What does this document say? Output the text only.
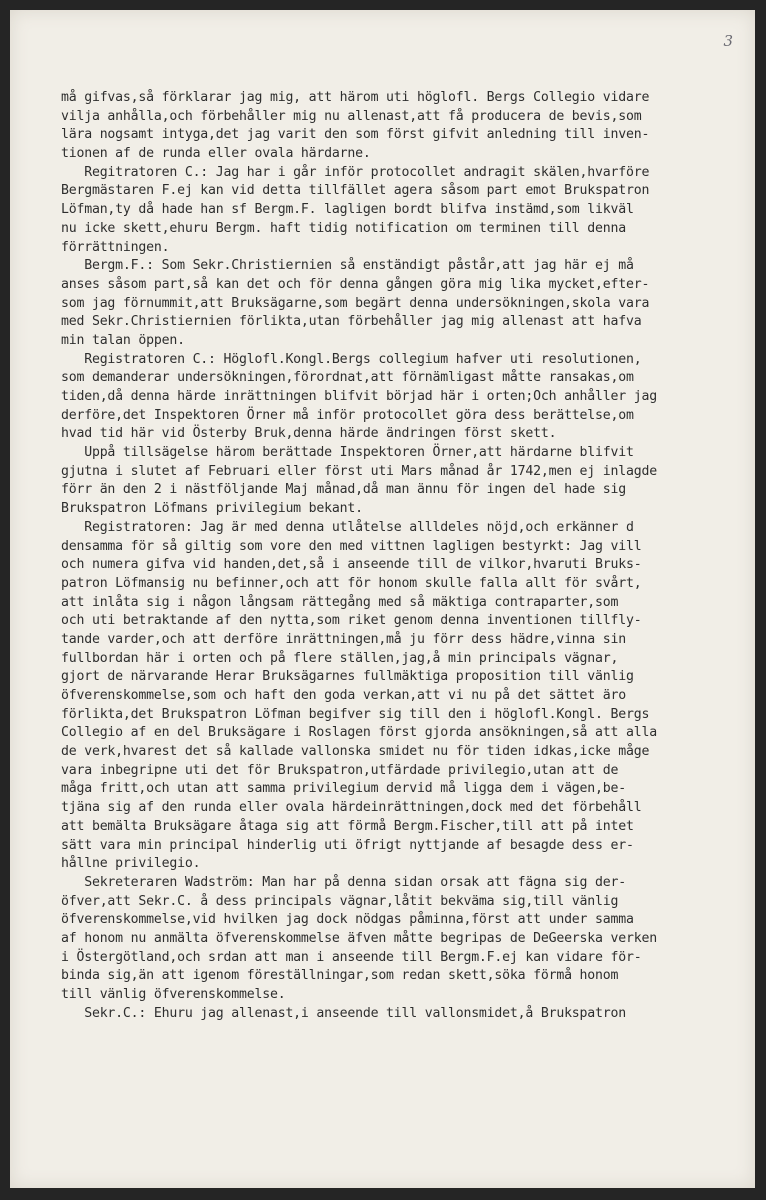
3
må gifvas,så förklarar jag mig, att härom uti höglofl. Bergs Collegio vidare
vilja anhålla,och förbehåller mig nu allenast,att få producera de bevis,som
lära nogsamt intyga,det jag varit den som först gifvit anledning till inven-
tionen af de runda eller ovala härdarne.
Regitratoren C.: Jag har i går inför protocollet andragit skälen,hvarföre
Bergmästaren F.ej kan vid detta tillfället agera såsom part emot Brukspatron
Löfman,ty då hade han sf Bergm.F. lagligen bordt blifva instämd,som likväl
nu icke skett,ehuru Bergm. haft tidig notification om terminen till denna
förrättningen.
Bergm.F.: Som Sekr.Christiernien så enständigt påstår,att jag här ej må
anses såsom part,så kan det och för denna gången göra mig lika mycket,efter-
som jag förnummit,att Bruksägarne,som begärt denna undersökningen,skola vara
med Sekr.Christiernien förlikta,utan förbehåller jag mig allenast att hafva
min talan öppen.
Registratoren C.: Höglofl.Kongl.Bergs collegium hafver uti resolutionen,
som demanderar undersökningen,förordnat,att förnämligast måtte ransakas,om
tiden,då denna härde inrättningen blifvit börjad här i orten;Och anhåller jag
derföre,det Inspektoren Örner må inför protocollet göra dess berättelse,om
hvad tid här vid Österby Bruk,denna härde ändringen först skett.
Uppå tillsägelse härom berättade Inspektoren Örner,att härdarne blifvit
gjutna i slutet af Februari eller först uti Mars månad år 1742,men ej inlagde
förr än den 2 i nästföljande Maj månad,då man ännu för ingen del hade sig
Brukspatron Löfmans privilegium bekant.
Registratoren: Jag är med denna utlåtelse allldeles nöjd,och erkänner d
densamma för så giltig som vore den med vittnen lagligen bestyrkt: Jag vill
och numera gifva vid handen,det,så i anseende till de vilkor,hvaruti Bruks-
patron Löfmansig nu befinner,och att för honom skulle falla allt för svårt,
att inlåta sig i någon långsam rättegång med så mäktiga contraparter,som
och uti betraktande af den nytta,som riket genom denna inventionen tillfly-
tande varder,och att derföre inrättningen,må ju förr dess hädre,vinna sin
fullbordan här i orten och på flere ställen,jag,å min principals vägnar,
gjort de närvarande Herar Bruksägarnes fullmäktiga proposition till vänlig
öfverenskommelse,som och haft den goda verkan,att vi nu på det sättet äro
förlikta,det Brukspatron Löfman begifver sig till den i höglofl.Kongl. Bergs
Collegio af en del Bruksägare i Roslagen först gjorda ansökningen,så att alla
de verk,hvarest det så kallade vallonska smidet nu för tiden idkas,icke måge
vara inbegripne uti det för Brukspatron,utfärdade privilegio,utan att de
måga fritt,och utan att samma privilegium dervid må ligga dem i vägen,be-
tjäna sig af den runda eller ovala härdeinrättningen,dock med det förbehåll
att bemälta Bruksägare åtaga sig att förmå Bergm.Fischer,till att på intet
sätt vara min principal hinderlig uti öfrigt nyttjande af besagde dess er-
hållne privilegio.
Sekreteraren Wadström: Man har på denna sidan orsak att fägna sig der-
öfver,att Sekr.C. å dess principals vägnar,låtit bekväma sig,till vänlig
öfverenskommelse,vid hvilken jag dock nödgas påminna,först att under samma
af honom nu anmälta öfverenskommelse äfven måtte begripas de DeGeerska verken
i Östergötland,och srdan att man i anseende till Bergm.F.ej kan vidare för-
binda sig,än att igenom föreställningar,som redan skett,söka förmå honom
till vänlig öfverenskommelse.
Sekr.C.: Ehuru jag allenast,i anseende till vallonsmidet,å Brukspatron
